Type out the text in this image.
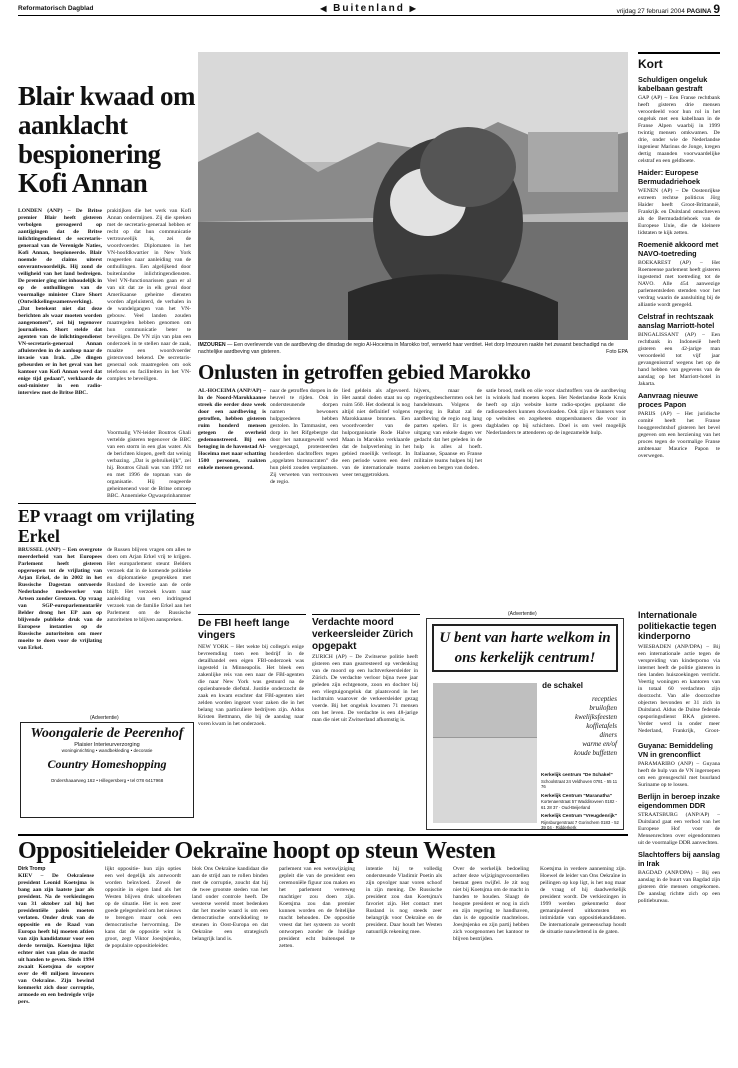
Reformatorisch Dagblad	◀ Buitenland ▶	vrijdag 27 februari 2004 PAGINA 9
Blair kwaad om aanklacht bespionering Kofi Annan
LONDEN (ANP) – De Britse premier Blair heeft gisteren verbolgen gereageerd op aantijgingen dat de Britse inlichtingendienst de secretaris-generaal van de Verenigde Naties, Kofi Annan, bespioneerde. Blair noemde de claims uiterst onverantwoordelijk. Hij zond de veiligheid van het land bedreigen. De premier ging niet inhoudelijk in op de onthullingen van de voormalige minister Clare Short (Ontwikkelingssamenwerking). „Dat betekent niet dat deze berichten als waar moeten worden aangenomen”, zei hij tegenover journalisten. Short stelde dat agenten van de inlichtingendienst VN-secretaris-generaal Annan afluisterden in de aanloop naar de invasie van Irak. „De dingen gebeurden er in het geval van het kantoor van Kofi Annan werd dat enige tijd gedaan”, verklaarde de oud-minister in een radio-interview met de Britse BBC.
prakitijken die het werk van Kofi Annan ondermijnen. Zij die spreken met de secretaris-generaal hebben er recht op dat hun communicatie vertrouwelijk is, zei de woordvoerder. Diplomaten in het VN-hoofdkwartier in New York reageerden naar aanleiding van de onthullingen. Een algelijkend door buitenlandse inlichtingendiensten. Veel VN-functionarissen gaan er al van uit dat ze in elk geval door Amerikaanse geheime diensten worden afgeluisterd, de verhalen in de wandelgangen van het VN-gebouw. Veel landen zouden maatregelen hebben genomen om hun communicatie beter te beveiligen. De VN zijn van plan een onderzoek in te stellen naar de zaak, maakte een woordvoerder gisteravond bekend. De secretaris-generaal ook maatregelen om ook telefoons en faciliteiten in het VN-complex te beveiligen.
IMZOUREN — Een overlevende van de aardbeving die dinsdag de regio Al-Hoceima in Marokko trof, verwerkt haar verdriet. Het dorp Imzouren raakte het zwaarst beschadigd na de nachtelijke aardbeving van gisteren.	Foto EPA
Onlusten in getroffen gebied Marokko
AL-HOCEIMA (ANP/AP) – In de Noord-Marokkaanse streek die eerder deze week door een aardbeving is getroffen, hebben gisteren ruim honderd mensen getegen de overheid gedemonstreerd. Bij een betoging in de havenstad Al-Hoceima met naar schatting 1500 personen, raakten enkele mensen gewond.
naar de getroffen dorpen in de heuvel te rijden. Ook in ondersteunende dorpen namen bewoners hulpgoederen hebben gestolen. In Tammasint, een dorp in het Rifgebergte dat door het natuurgeweld werd weggevaagd, protesteerden honderden slachtoffers tegen „opgelaten bureaucraten” die hun pleiti zouden verplaatsen. Zij verweten van vertrouwen de regio.
lied geldein als afgevoerd. Het aantal doden staat nu op ruim 560. Het dodental is nog altijd niet definitief volgens Marokkaanse bronnen. Een woordvoerder van de hulporganisatie Rode Halve Maan in Marokko verklaarde dat de hulpverlening in het gebied moeilijk verloopt. In een periode waren een deel van de internationale teams weer teruggetrokken.
hijvers, maar de regeringsbeschermten ook het handelsteam. Volgens de regering in Rabat zal de aardbeving de regio nog lang parten spelen. Er is geen uitgang van enkele dagen ver gedacht dat het geleden in de hulp is alles al hoeft. Italiaanse, Spaanse en Franse militaire teams hulpen bij het zoeken en bergen van doden.
satie brood, melk en olie voor slachtoffers van de aardbeving in winkels had moeten kopen. Het Nederlandse Rode Kruis heeft op zijn website korte radio-spotjes geplaatst die radioszenders kunnen downloaden. Ook zijn er banners voor op websites en zogeheten stoppersbanners die voor in dagbladen op bij schichten. Doel is om veel mogelijk Nederlanders te attenderen op de ingezamelde hulp.
EP vraagt om vrijlating Erkel
BRUSSEL (ANP) – Een overgrote meerderheid van het Europees Parlement heeft gisteren opgeroepen tot de vrijlating van Arjan Erkel, de in 2002 in het Russische Dagestan ontvoerde Nederlandse medewerker van Artsen zonder Grenzen. Op vraag van SGP-europarlementariër Belder drong het EP aan op blijvende publieke druk van de Europese instanties op de Russische autoriteiten om meer moeite te doen voor de vrijlating van Erkel.
de Russen blijven vragen om alles te doen om Arjan Erkel vrij te krijgen. Het europarlement steunt Belders verzoek dat in de komende politieke en diplomatieke gesprekken met Rusland de kwestie aan de orde blijft. Het verzoek kwam naar aanleiding van een indringend verzoek van de familie Erkel aan het Parlement om de Russische autoriteiten te blijven aanspreken.
Voormalig VN-leider Boutros Ghali vertelde gisteren tegenover de BBC van een storm in een glas water. Als de berichten klopen, geeft dat weinig verbazing. „Dat is gebruikelijk”, zei hij. Boutros Ghali was van 1992 tot en met 1996 de topman van de organisatie. Hij reageerde geheimenend voor de Britse omroep BBC. Annemieke Ogwasprinhammer
(Advertentie)
Woongalerie de Peerenhof
Plaisier Interieurverzorging
woninginrichting • wandbekleding • decoratie
Country Homeshopping
Ondershaaarweg 162 • Hillegersberg • tel 078 6417968
De FBI heeft lange vingers
NEW YORK – Het wekte bij collega's enige bevreemding toen een bedrijf in de detailhandel een eigen FBI-onderzoek was ingesteld in Minneapolis. Het bleek een zakenlijke reis van een naar de FBI-agenten die naar New York was gestuurd na de opzienbarende diefstal. Justitie onderzocht de zaak en kwam erachter dat FBI-agenten niet zelden worden ingezet voor zaken die in het belang van particuliere bedrijven zijn. Aldus Kristen Bettmann, die bij de aanslag naar voren kwam in het onderzoek.
Verdachte moord verkeersleider Zürich opgepakt
ZÜRICH (AP) – De Zwitserse politie heeft gisteren een man gearresteerd op verdenking van de moord op een luchtverkeersleider in Zürich. De verdachte verloor bijna twee jaar geleden zijn echtgenote, zoon en dochter bij een vliegtuigongeluk dat plaatsvond in het luchtruim waarover de verkeersleider gezag voerde. Bij het ongeluk kwamen 71 mensen om het leven. De verdachte is een 48-jarige man die niet uit Zwitserland afkomstig is.
(Advertentie)
U bent van harte welkom in ons kerkelijk centrum!
de schakel
recepties
bruiloften
kwelijksfeesten
koffietafels
diners
warme en/of
koude buffetten
Kerkelijk centrum "De Schakel"
Schoolstraat 24 Veldhoven 0781 - 55 11 76
Kerkelijk Centrum "Maranatha"
Kortenaerstraat 57 Waddinxveen 0182 - 61 28 37 · Oud-Beijerland
Kerkelijk Centrum "Vreugdenrijk"
Rijnsburgerstraat 7 Gorinchem 0183 - 52 39 04 · Ridderkerk
Kort
Schuldigen ongeluk kabelbaan gestraft

GAP (AP) – Een Franse rechtbank heeft gisteren drie mensen veroordeeld voor hun rol in het ongeluk met een kabelbaan in de Franse Alpen waarbij in 1999 twintig mensen omkwamen. De drie, onder wie de Nederlandse ingenieur Marinus de Jonge, kregen dertig maanden voorwaardelijke celstraf en een geldboete.

Haider: Europese Bermudadriehoek

WENEN (AP) – De Oostenrijkse extreem rechtse politicus Jörg Haider heeft Groot-Brittannië, Frankrijk en Duitsland omschreven als de Bermudadriehoek van de Europese Unie, die de kleinere lidstaten te kijk zetten.

Roemenië akkoord met NAVO-toetreding

BOEKAREST (AP) – Het Roemeense parlement heeft gisteren ingestemd met toetreding tot de NAVO. Alle 454 aanwezige parlementsleden stemden voor het verdrag waarin de aansluiting bij de alliantie wordt geregeld.

Celstraf in rechtszaak aanslag Marriott-hotel

BINGALISSANT (AP) – Een rechtbank in Indonesië heeft gisteren een 42-jarige man veroordeeld tot vijf jaar gevangenisstraf wegens het op de hand hebben van gegevens van de aanslag op het Marriott-hotel in Jakarta.

Aanvraag nieuwe proces Papon

PARIJS (AP) – Het juridische comité heeft het Franse hooggerechtshof gisteren het bevel gegeven om een herziening van het proces tegen de voormalige Franse ambtenaar Maurice Papon te overwegen.

Internationale politiekactie tegen kinderporno
WIESBADEN (ANP/DPA) – Bij een internationale actie tegen de verspreiding van kinderporno via internet heeft de politie gisteren in tien landen huiszoekingen verricht. Veertig woningen en kantoren van in totaal 60 verdachten zijn doorzocht. Van alle doorzochte objecten bevonden er 31 zich in Duitsland. Aldus de Duitse federale opsporingsdienst BKA gisteren. Verder werd in onder meer Nederland, Frankrijk, Groot-
Guyana: Bemiddeling VN in grenconflict

PARAMARIBO (ANP) – Guyana heeft de hulp van de VN ingeroepen om een grensgeschil met buurland Suriname op te lossen.

Berlijn in beroep inzake eigendommen DDR

STRAATSBURG (ANP/AP) – Duitsland gaat een verbod van het Europese Hof voor de Mensenrechten over eigendommen uit de voormalige DDR aanvechten.

Slachtoffers bij aanslag in Irak

BAGDAD (ANP/DPA) – Bij een aanslag in de buurt van Bagdad zijn gisteren drie mensen omgekomen. De aanslag richtte zich op een politiebureau.

Oppositieleider Oekraïne hoopt op steun Westen
Dirk Tromp
KIEV – De Oekraïense president Leonid Koetsjma is bang aan zijn laatste jaar als president. Na de verkiezingen van 31 oktober zal hij het presidentiële paleis moeten verlaten. Onder druk van de oppositie en de Raad van Europa heeft hij moeten afzien van zijn kandidatuur voor een derde termijn. Koetsjma lijkt echter niet van plan de macht uit handen te geven. Sinds 1994 zwaait Koetsjma de scepter over de 48 miljoen inwoners van Oekraïne. Zijn bewind kenmerkt zich door corruptie, armoede en een bedreigde vrije pers.
lijkt oppositie- hun zijn opties een wel degelijk als antwoordt worden beïnvloed. Zowel de oppositie in eigen land als het Westen blijven druk uitoefenen op de situatie. Het is een zeer goede gelegenheid om het nieuws te brengen maar ook een democratische hervorming. De kans dat de oppositie wint is groot, zegt Viktor Joesjtsjenko, de populaire oppositieleider.
blok Ons Oekraïne kandidaat die aan de strijd aan te rollen binden met de corruptie, zoucht dat hij de twee grootste steden van het land onder controle heeft. De westerse wereld moet bedenken dat het moeite waard is om een democratische ontwikkeling te steunen in Oost-Europa en dat Oekraïne een strategisch belangrijk land is.
parlement van een wetswijziging gepleit die van de president een ceremoniële figuur zou maken en het parlement verreweg machtiger zou doen zijn. Koetsjma zou dan premier kunnen worden en de feitelijke macht behouden. De oppositie vreest dat het systeem zo wordt ontworpen zonder de huidige president echt buitenspel te zetten.
intentie hij te volledig ondersteunde Vladimir Poetin als zijn opvolger naar voren schoof in zijn mening. De Russische president zou dan Koetsjma's favoriet zijn. Het contact met Rusland is nog steeds zeer belangrijk voor Oekraïne en de president. Daar houdt het Westen natuurlijk rekening mee.
Over de werkelijk bedoeling achter deze wijzigingsvoorstellen bestaat geen twijfel. Je zit nog niet bij Koetsjma om de macht in handen te houden. Slaagt de hoogste president er nog in zich en zijn regering te handhaven, dan is de oppositie machteloos. Joesjtsjenko en zijn partij hebben zich voorgenomen het kantoor te blijven bestrijden.
Koetsjma in verdere aanneming zijn. Hoewel de leider van Ons Oekraïne in peilingen op kop ligt, is het nog maar de vraag of hij daadwerkelijk president wordt. De verkiezingen in 1999 werden gekenmerkt door gemanipuleerd uitkomsten en intimidatie van oppositiekandidaten. De internationale gemeenschap houdt de situatie nauwlettend in de gaten.
